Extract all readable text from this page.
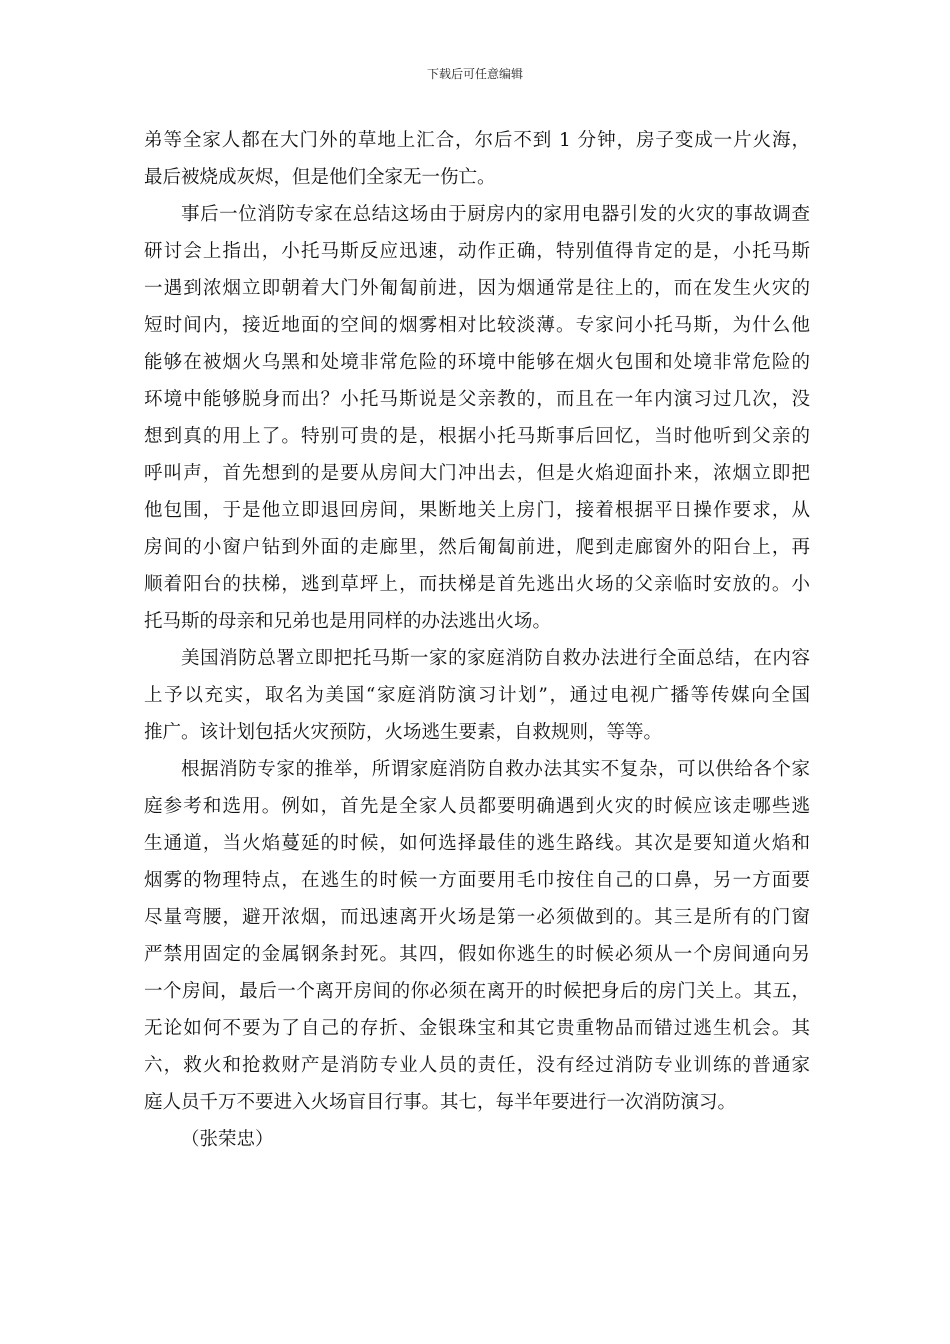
下载后可任意编辑
弟等全家人都在大门外的草地上汇合，尔后不到 1 分钟，房子变成一片火海，
最后被烧成灰烬，但是他们全家无一伤亡。
事后一位消防专家在总结这场由于厨房内的家用电器引发的火灾的事故调查
研讨会上指出，小托马斯反应迅速，动作正确，特别值得肯定的是，小托马斯
一遇到浓烟立即朝着大门外匍匐前进，因为烟通常是往上的，而在发生火灾的
短时间内，接近地面的空间的烟雾相对比较淡薄。专家问小托马斯，为什么他
能够在被烟火乌黑和处境非常危险的环境中能够在烟火包围和处境非常危险的
环境中能够脱身而出？小托马斯说是父亲教的，而且在一年内演习过几次，没
想到真的用上了。特别可贵的是，根据小托马斯事后回忆，当时他听到父亲的
呼叫声，首先想到的是要从房间大门冲出去，但是火焰迎面扑来，浓烟立即把
他包围，于是他立即退回房间，果断地关上房门，接着根据平日操作要求，从
房间的小窗户钻到外面的走廊里，然后匍匐前进，爬到走廊窗外的阳台上，再
顺着阳台的扶梯，逃到草坪上，而扶梯是首先逃出火场的父亲临时安放的。小
托马斯的母亲和兄弟也是用同样的办法逃出火场。
美国消防总署立即把托马斯一家的家庭消防自救办法进行全面总结，在内容
上予以充实，取名为美国“家庭消防演习计划”，通过电视广播等传媒向全国
推广。该计划包括火灾预防，火场逃生要素，自救规则，等等。
根据消防专家的推举，所谓家庭消防自救办法其实不复杂，可以供给各个家
庭参考和选用。例如，首先是全家人员都要明确遇到火灾的时候应该走哪些逃
生通道，当火焰蔓延的时候，如何选择最佳的逃生路线。其次是要知道火焰和
烟雾的物理特点，在逃生的时候一方面要用毛巾按住自己的口鼻，另一方面要
尽量弯腰，避开浓烟，而迅速离开火场是第一必须做到的。其三是所有的门窗
严禁用固定的金属钢条封死。其四，假如你逃生的时候必须从一个房间通向另
一个房间，最后一个离开房间的你必须在离开的时候把身后的房门关上。其五，
无论如何不要为了自己的存折、金银珠宝和其它贵重物品而错过逃生机会。其
六，救火和抢救财产是消防专业人员的责任，没有经过消防专业训练的普通家
庭人员千万不要进入火场盲目行事。其七，每半年要进行一次消防演习。
（张荣忠）
